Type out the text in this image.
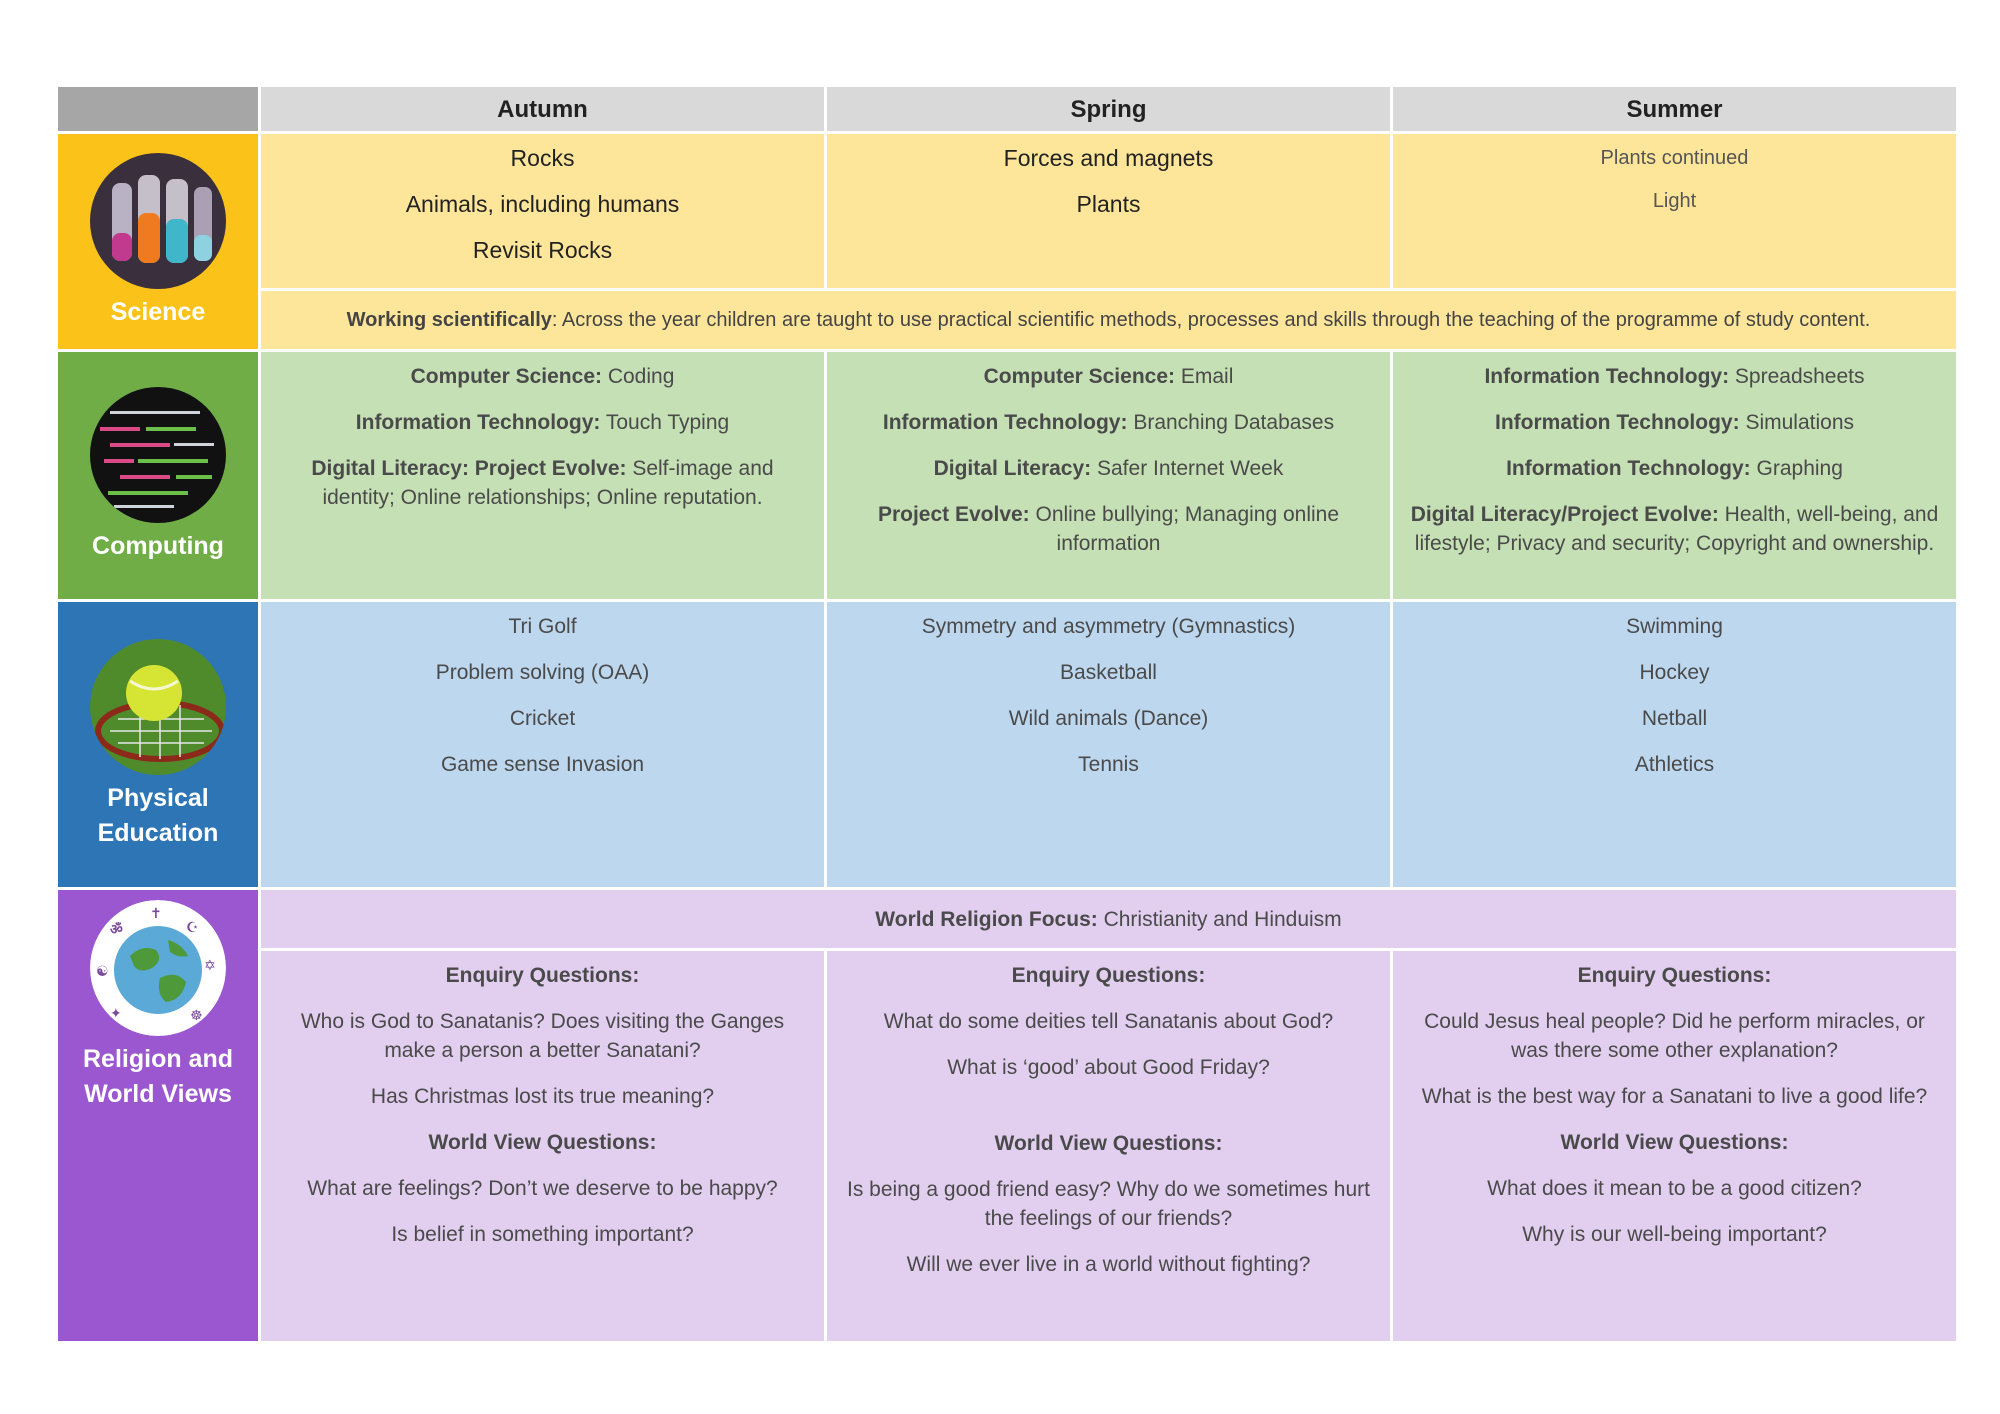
Autumn	Spring	Summer
Science
Rocks
Animals, including humans
Revisit Rocks
Forces and magnets
Plants
Plants continued
Light
Working scientifically: Across the year children are taught to use practical scientific methods, processes and skills through the teaching of the programme of study content.
Computing
Computer Science: Coding
Information Technology: Touch Typing
Digital Literacy: Project Evolve: Self-image and identity; Online relationships; Online reputation.
Computer Science: Email
Information Technology: Branching Databases
Digital Literacy: Safer Internet Week
Project Evolve: Online bullying; Managing online information
Information Technology: Spreadsheets
Information Technology: Simulations
Information Technology: Graphing
Digital Literacy/Project Evolve: Health, well-being, and lifestyle; Privacy and security; Copyright and ownership.
Physical
Education
Tri Golf
Problem solving (OAA)
Cricket
Game sense Invasion
Symmetry and asymmetry (Gymnastics)
Basketball
Wild animals (Dance)
Tennis
Swimming
Hockey
Netball
Athletics
ॐ
✝
☪
✡
☯
☸
✦
Religion and
World Views
World Religion Focus: Christianity and Hinduism
Enquiry Questions:
Who is God to Sanatanis? Does visiting the Ganges make a person a better Sanatani?
Has Christmas lost its true meaning?
World View Questions:
What are feelings? Don’t we deserve to be happy?
Is belief in something important?
Enquiry Questions:
What do some deities tell Sanatanis about God?
What is ‘good’ about Good Friday?
World View Questions:
Is being a good friend easy? Why do we sometimes hurt the feelings of our friends?
Will we ever live in a world without fighting?
Enquiry Questions:
Could Jesus heal people? Did he perform miracles, or was there some other explanation?
What is the best way for a Sanatani to live a good life?
World View Questions:
What does it mean to be a good citizen?
Why is our well-being important?
